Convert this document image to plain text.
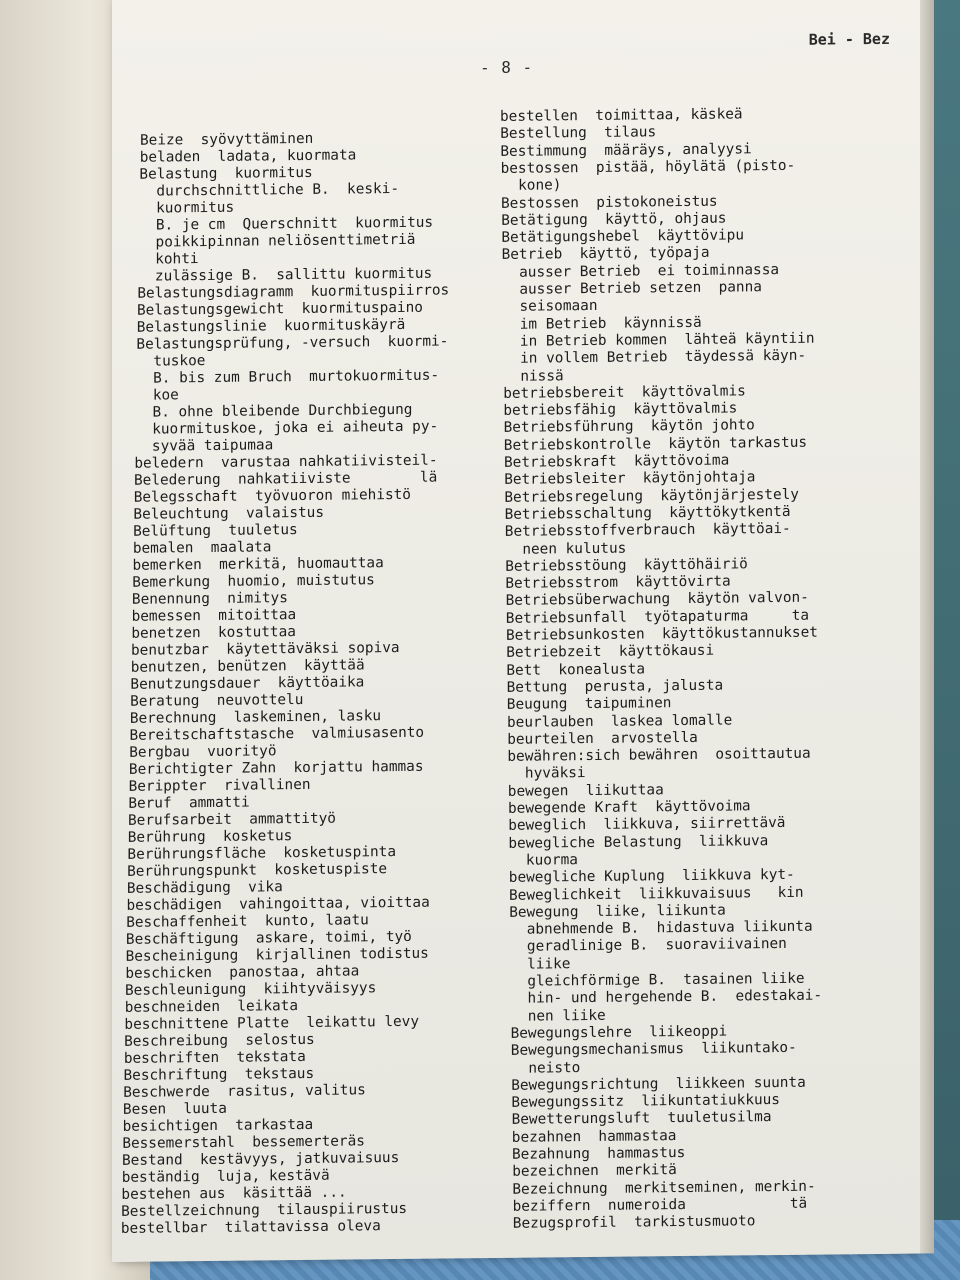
- 8 -
Bei - Bez
Beize  syövyttäminen
beladen  ladata, kuormata
Belastung  kuormitus
durchschnittliche B.  keski-
kuormitus
B. je cm  Querschnitt  kuormitus
poikkipinnan neliösenttimetriä
kohti
zulässige B.  sallittu kuormitus
Belastungsdiagramm  kuormituspiirros
Belastungsgewicht  kuormituspaino
Belastungslinie  kuormituskäyrä
Belastungsprüfung, -versuch  kuormi-
tuskoe
B. bis zum Bruch  murtokuormitus-
koe
B. ohne bleibende Durchbiegung
kuormituskoe, joka ei aiheuta py-
syvää taipumaa
beledern  varustaa nahkatiivisteil-
Belederung  nahkatiiviste        lä
Belegsschaft  työvuoron miehistö
Beleuchtung  valaistus
Belüftung  tuuletus
bemalen  maalata
bemerken  merkitä, huomauttaa
Bemerkung  huomio, muistutus
Benennung  nimitys
bemessen  mitoittaa
benetzen  kostuttaa
benutzbar  käytettäväksi sopiva
benutzen, benützen  käyttää
Benutzungsdauer  käyttöaika
Beratung  neuvottelu
Berechnung  laskeminen, lasku
Bereitschaftstasche  valmiusasento
Bergbau  vuorityö
Berichtigter Zahn  korjattu hammas
Berippter  rivallinen
Beruf  ammatti
Berufsarbeit  ammattityö
Berührung  kosketus
Berührungsfläche  kosketuspinta
Berührungspunkt  kosketuspiste
Beschädigung  vika
beschädigen  vahingoittaa, vioittaa
Beschaffenheit  kunto, laatu
Beschäftigung  askare, toimi, työ
Bescheinigung  kirjallinen todistus
beschicken  panostaa, ahtaa
Beschleunigung  kiihtyväisyys
beschneiden  leikata
beschnittene Platte  leikattu levy
Beschreibung  selostus
beschriften  tekstata
Beschriftung  tekstaus
Beschwerde  rasitus, valitus
Besen  luuta
besichtigen  tarkastaa
Bessemerstahl  bessemerteräs
Bestand  kestävyys, jatkuvaisuus
beständig  luja, kestävä
bestehen aus  käsittää ...
Bestellzeichnung  tilauspiirustus
bestellbar  tilattavissa oleva
bestellen  toimittaa, käskeä
Bestellung  tilaus
Bestimmung  määräys, analyysi
bestossen  pistää, höylätä (pisto-
kone)
Bestossen  pistokoneistus
Betätigung  käyttö, ohjaus
Betätigungshebel  käyttövipu
Betrieb  käyttö, työpaja
ausser Betrieb  ei toiminnassa
ausser Betrieb setzen  panna
seisomaan
im Betrieb  käynnissä
in Betrieb kommen  lähteä käyntiin
in vollem Betrieb  täydessä käyn-
nissä
betriebsbereit  käyttövalmis
betriebsfähig  käyttövalmis
Betriebsführung  käytön johto
Betriebskontrolle  käytön tarkastus
Betriebskraft  käyttövoima
Betriebsleiter  käytönjohtaja
Betriebsregelung  käytönjärjestely
Betriebsschaltung  käyttökytkentä
Betriebsstoffverbrauch  käyttöai-
neen kulutus
Betriebsstöung  käyttöhäiriö
Betriebsstrom  käyttövirta
Betriebsüberwachung  käytön valvon-
Betriebsunfall  työtapaturma     ta
Betriebsunkosten  käyttökustannukset
Betriebzeit  käyttökausi
Bett  konealusta
Bettung  perusta, jalusta
Beugung  taipuminen
beurlauben  laskea lomalle
beurteilen  arvostella
bewähren:sich bewähren  osoittautua
hyväksi
bewegen  liikuttaa
bewegende Kraft  käyttövoima
beweglich  liikkuva, siirrettävä
bewegliche Belastung  liikkuva
kuorma
bewegliche Kuplung  liikkuva kyt-
Beweglichkeit  liikkuvaisuus   kin
Bewegung  liike, liikunta
abnehmende B.  hidastuva liikunta
geradlinige B.  suoraviivainen
liike
gleichförmige B.  tasainen liike
hin- und hergehende B.  edestakai-
nen liike
Bewegungslehre  liikeoppi
Bewegungsmechanismus  liikuntako-
neisto
Bewegungsrichtung  liikkeen suunta
Bewegungssitz  liikuntatiukkuus
Bewetterungsluft  tuuletusilma
bezahnen  hammastaa
Bezahnung  hammastus
bezeichnen  merkitä
Bezeichnung  merkitseminen, merkin-
beziffern  numeroida            tä
Bezugsprofil  tarkistusmuoto
